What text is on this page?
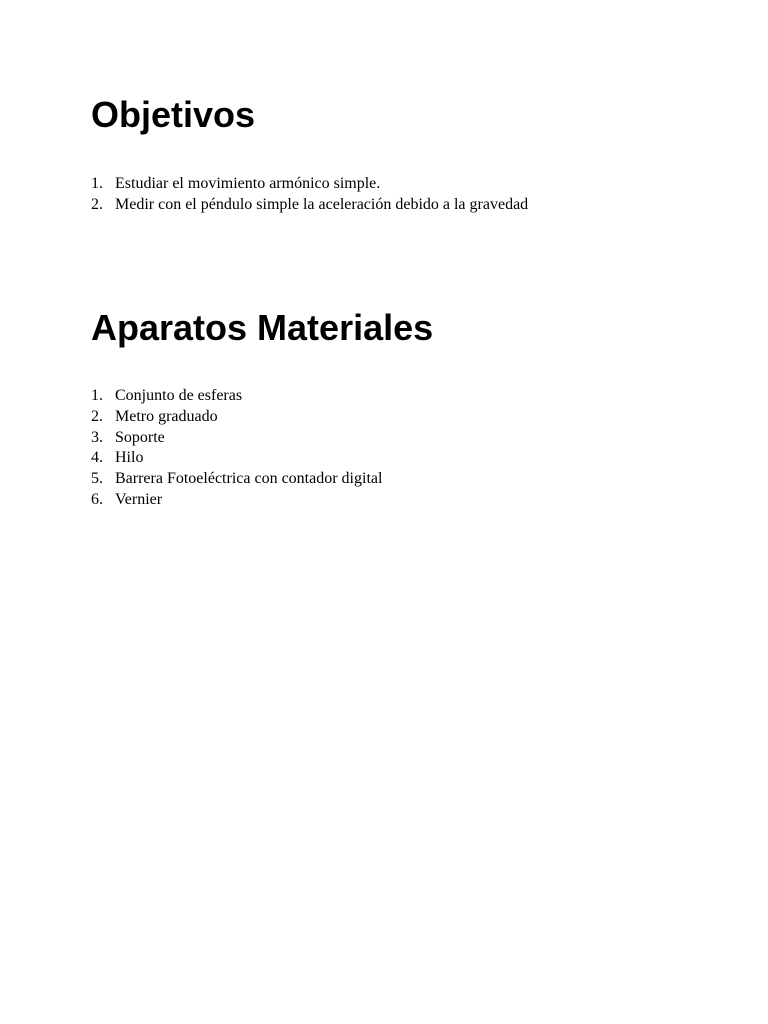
Objetivos
1. Estudiar el movimiento armónico simple.
2. Medir con el péndulo simple la aceleración debido a la gravedad
Aparatos Materiales
1. Conjunto de esferas
2. Metro graduado
3. Soporte
4. Hilo
5. Barrera Fotoeléctrica con contador digital
6. Vernier
